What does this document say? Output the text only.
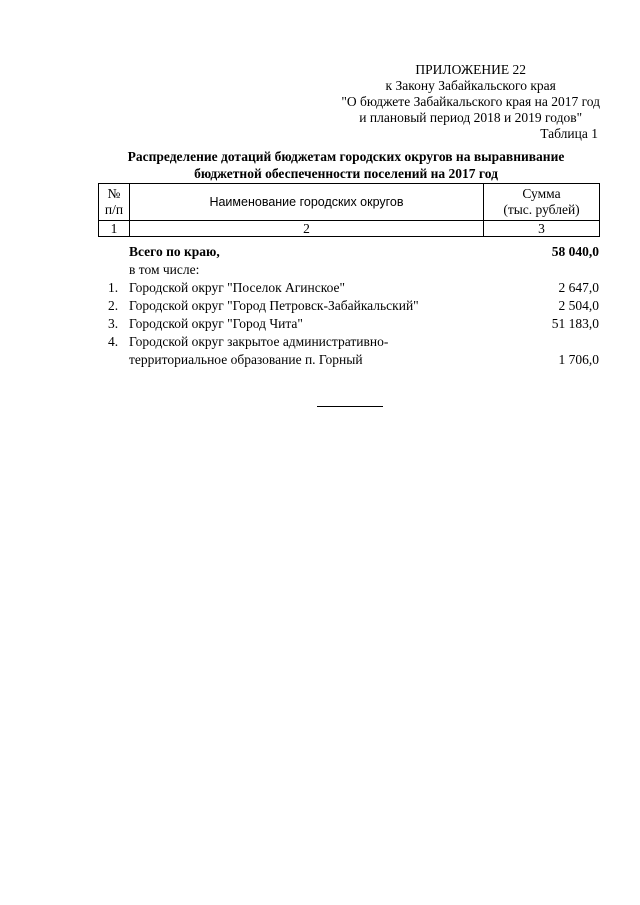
ПРИЛОЖЕНИЕ 22
к Закону Забайкальского края
"О бюджете Забайкальского края на 2017 год
и плановый период 2018 и 2019 годов"
Таблица 1
Распределение дотаций бюджетам городских округов на выравнивание
бюджетной обеспеченности поселений на 2017 год
№
п/п	Наименование городских округов	Сумма
(тыс. рублей)

1	2	3
Всего по краю,	58 040,0
в том числе:
1. Городской округ "Поселок Агинское"	2 647,0
2. Городской округ "Город Петровск-Забайкальский"	2 504,0
3. Городской округ "Город Чита"	51 183,0
4. Городской округ закрытое административно-
территориальное образование п. Горный	1 706,0
